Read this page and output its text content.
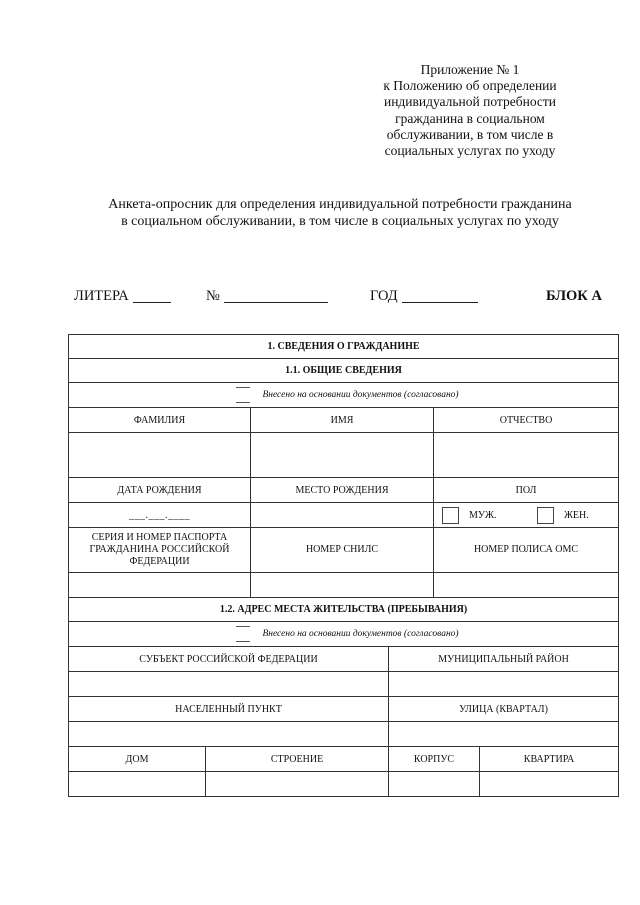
Приложение № 1
к Положению об определении
индивидуальной потребности
гражданина в социальном
обслуживании, в том числе в
социальных услугах по уходу
Анкета-опросник для определения индивидуальной потребности гражданина
в социальном обслуживании, в том числе в социальных услугах по уходу
ЛИТЕРА	№	ГОД	БЛОК А
1. СВЕДЕНИЯ О ГРАЖДАНИНЕ					
1.1. ОБЩИЕ СВЕДЕНИЯ					
Внесено на основании документов (согласовано)					
ФАМИЛИЯ		ИМЯ		ОТЧЕСТВО	

ДАТА РОЖДЕНИЯ		МЕСТО РОЖДЕНИЯ		ПОЛ	
___.___.____				МУЖ. ЖЕН.	
СЕРИЯ И НОМЕР ПАСПОРТА ГРАЖДАНИНА РОССИЙСКОЙ ФЕДЕРАЦИИ		НОМЕР СНИЛС		НОМЕР ПОЛИСА ОМС	

1.2. АДРЕС МЕСТА ЖИТЕЛЬСТВА (ПРЕБЫВАНИЯ)					
Внесено на основании документов (согласовано)					
СУБЪЕКТ РОССИЙСКОЙ ФЕДЕРАЦИИ			МУНИЦИПАЛЬНЫЙ РАЙОН		

НАСЕЛЕННЫЙ ПУНКТ			УЛИЦА (КВАРТАЛ)		

ДОМ	СТРОЕНИЕ		КОРПУС		КВАРТИРА
